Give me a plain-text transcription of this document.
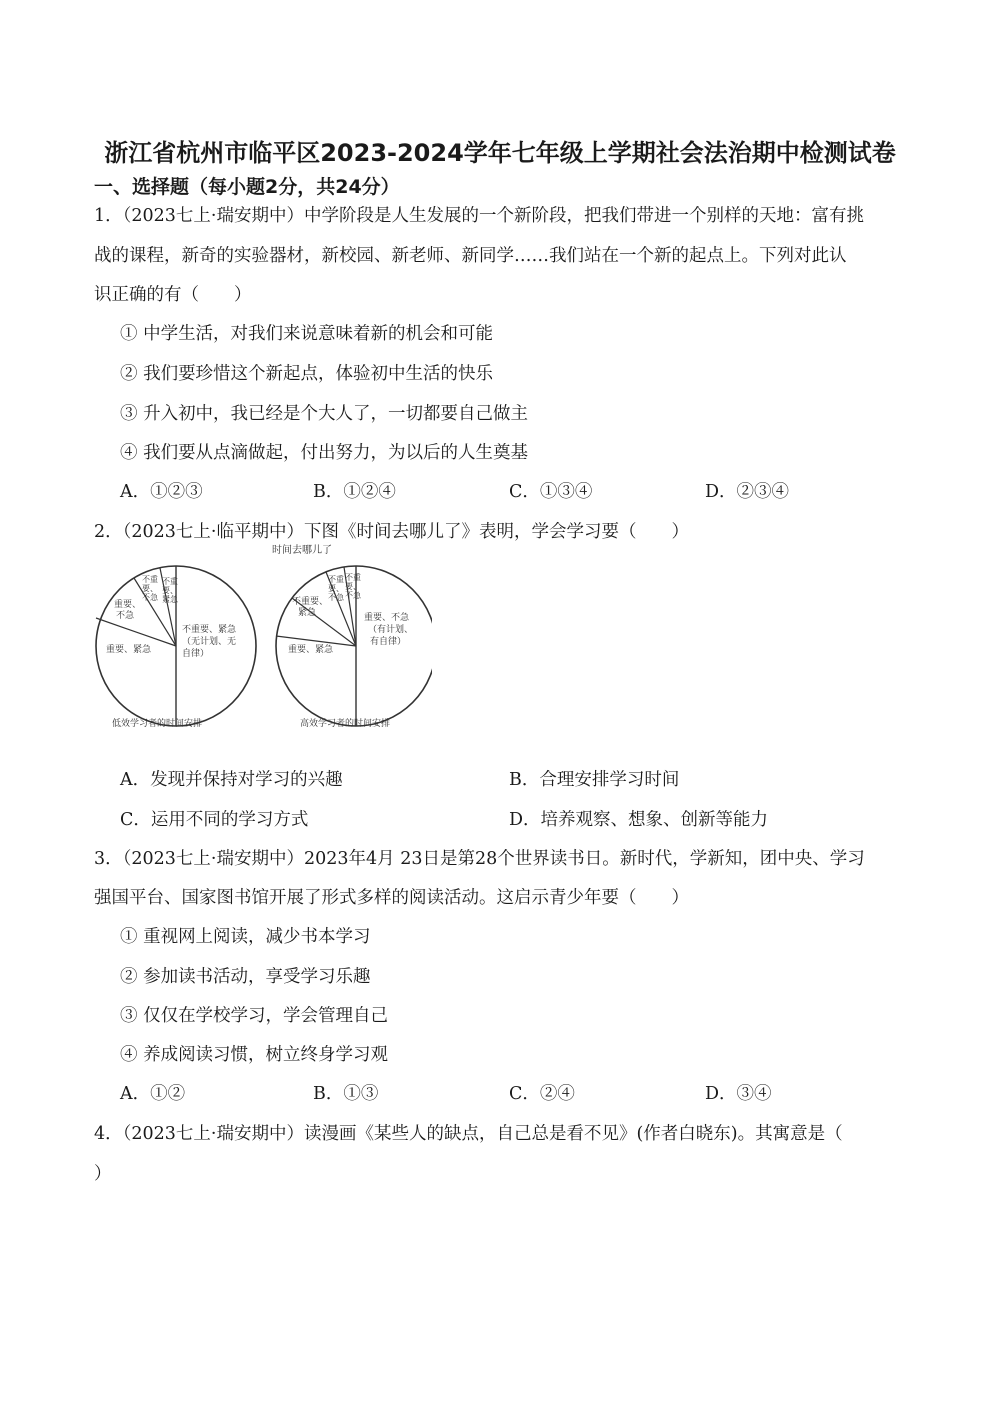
浙江省杭州市临平区2023-2024学年七年级上学期社会法治期中检测试卷
一、选择题（每小题2分，共24分）
1．（2023七上·瑞安期中）中学阶段是人生发展的一个新阶段，把我们带进一个别样的天地：富有挑
战的课程，新奇的实验器材，新校园、新老师、新同学……我们站在一个新的起点上。下列对此认
识正确的有（　　）
① 中学生活，对我们来说意味着新的机会和可能
② 我们要珍惜这个新起点，体验初中生活的快乐
③ 升入初中，我已经是个大人了，一切都要自己做主
④ 我们要从点滴做起，付出努力，为以后的人生奠基
A．①②③	B．①②④	C．①③④	D．②③④
2．（2023七上·临平期中）下图《时间去哪儿了》表明，学会学习要（　　）
时间去哪儿了
不重要、紧急 （无计划、无 自律）
重要、紧急
重要、 不急
不重 要、 不急
不重 要、 紧急
低效学习者的时间安排
重要、不急 （有计划、 有自律）
重要、紧急
不重要、 紧急
不重 要、 不急
不重 要、 不急
高效学习者的时间安排
A．发现并保持对学习的兴趣	B．合理安排学习时间
C．运用不同的学习方式	D．培养观察、想象、创新等能力
3．（2023七上·瑞安期中）2023年4月 23日是第28个世界读书日。新时代，学新知，团中央、学习
强国平台、国家图书馆开展了形式多样的阅读活动。这启示青少年要（　　）
① 重视网上阅读，减少书本学习
② 参加读书活动，享受学习乐趣
③ 仅仅在学校学习，学会管理自己
④ 养成阅读习惯，树立终身学习观
A．①②	B．①③	C．②④	D．③④
4．（2023七上·瑞安期中）读漫画《某些人的缺点，自己总是看不见》(作者白晓东)。其寓意是（
）
